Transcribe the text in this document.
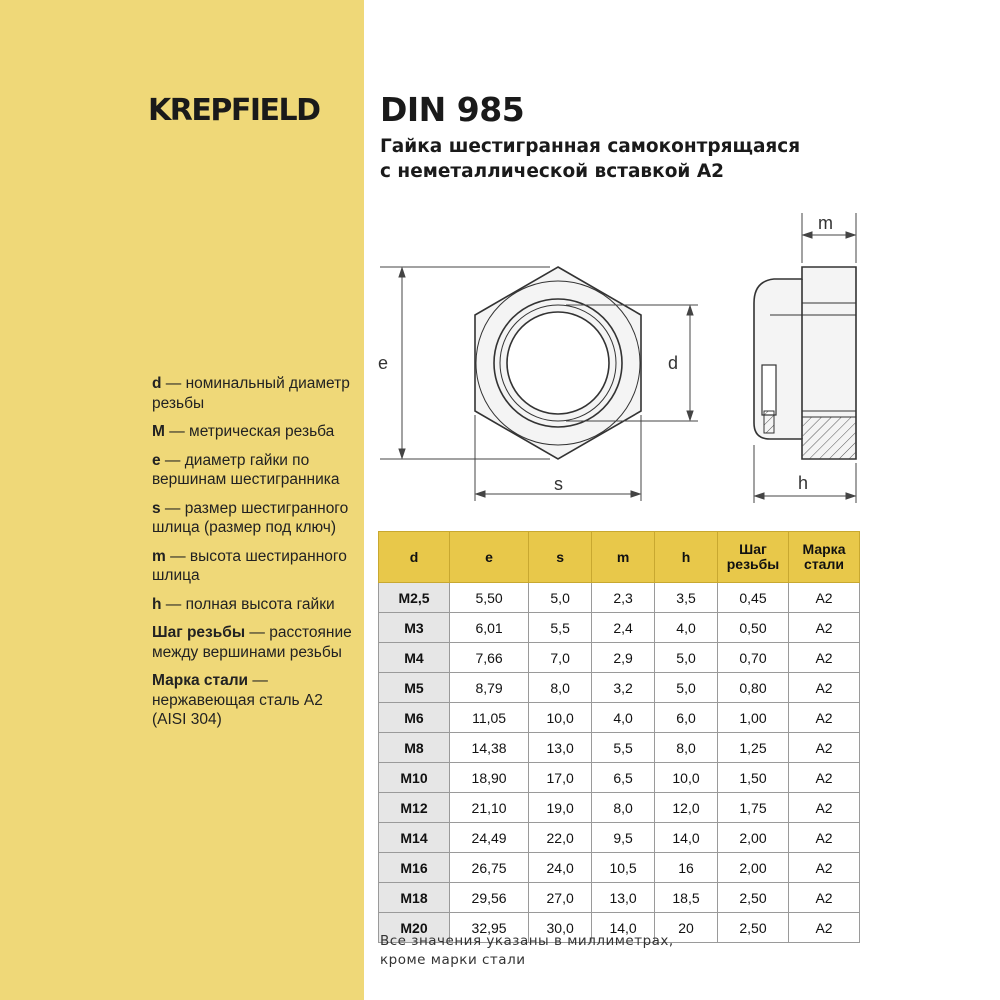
KREPFIELD
d — номинальный диаметр резьбы
M — метрическая резьба
e — диаметр гайки по вершинам шестигранника
s — размер шестигранного шлица (размер под ключ)
m — высота шестиранного шлица
h — полная высота гайки
Шаг резьбы — расстояние между вершинами резьбы
Марка стали — нержавеющая сталь А2 (AISI 304)
DIN 985
Гайка шестигранная самоконтрящаяся
с неметаллической вставкой А2
e	d
s
m
h
d	e	s	m	h	Шаг резьбы	Марка стали
М2,5	5,50	5,0	2,3	3,5	0,45	А2
М3	6,01	5,5	2,4	4,0	0,50	А2
М4	7,66	7,0	2,9	5,0	0,70	А2
М5	8,79	8,0	3,2	5,0	0,80	А2
М6	11,05	10,0	4,0	6,0	1,00	А2
М8	14,38	13,0	5,5	8,0	1,25	А2
М10	18,90	17,0	6,5	10,0	1,50	А2
М12	21,10	19,0	8,0	12,0	1,75	А2
М14	24,49	22,0	9,5	14,0	2,00	А2
М16	26,75	24,0	10,5	16	2,00	А2
М18	29,56	27,0	13,0	18,5	2,50	А2
М20	32,95	30,0	14,0	20	2,50	А2
Все значения указаны в миллиметрах,
кроме марки стали
